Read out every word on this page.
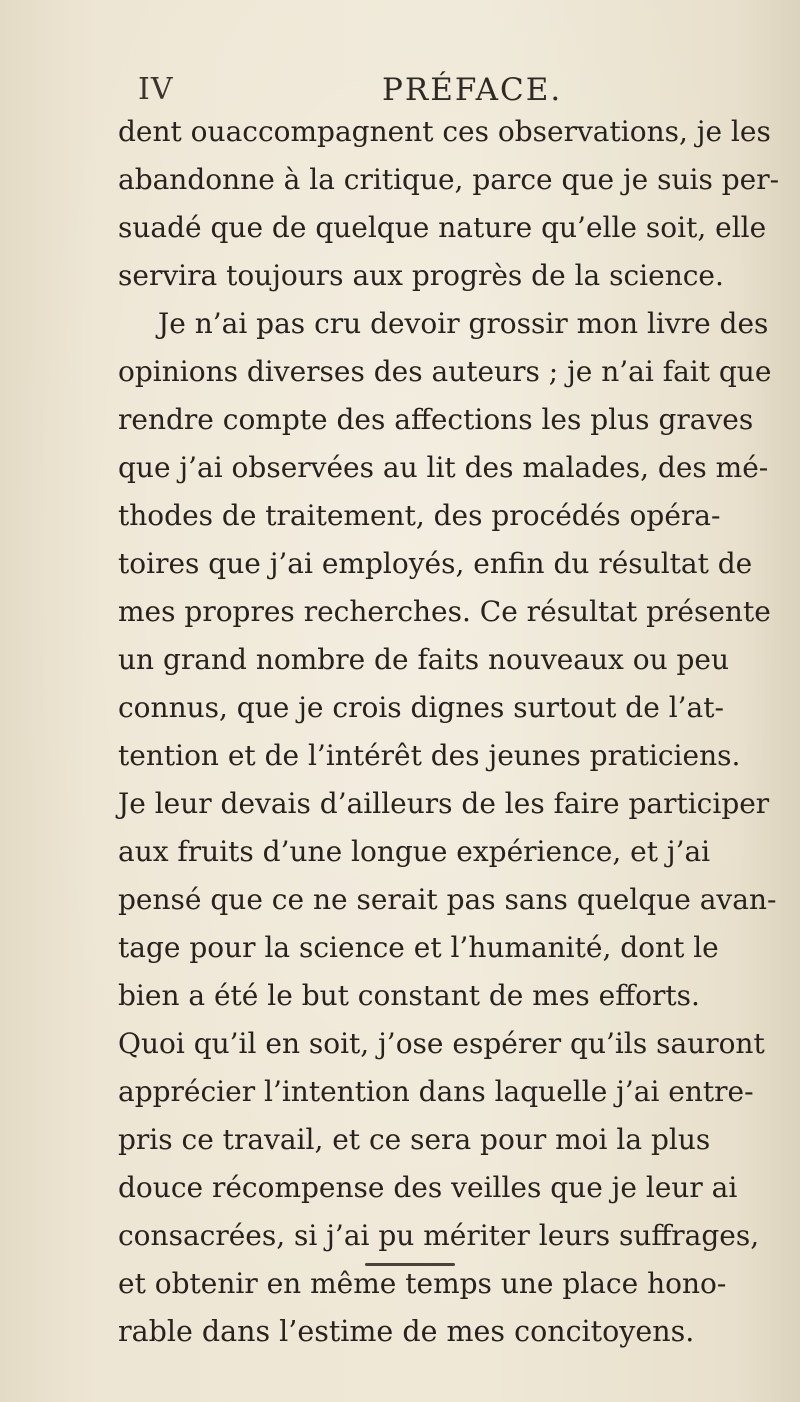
IV	PRÉFACE.
dent ouaccompagnent ces observations, je les
abandonne à la critique, parce que je suis per-
suadé que de quelque nature qu’elle soit, elle
servira toujours aux progrès de la science.
Je n’ai pas cru devoir grossir mon livre des
opinions diverses des auteurs ; je n’ai fait que
rendre compte des affections les plus graves
que j’ai observées au lit des malades, des mé-
thodes de traitement, des procédés opéra-
toires que j’ai employés, enfin du résultat de
mes propres recherches. Ce résultat présente
un grand nombre de faits nouveaux ou peu
connus, que je crois dignes surtout de l’at-
tention et de l’intérêt des jeunes praticiens.
Je leur devais d’ailleurs de les faire participer
aux fruits d’une longue expérience, et j’ai
pensé que ce ne serait pas sans quelque avan-
tage pour la science et l’humanité, dont le
bien a été le but constant de mes efforts.
Quoi qu’il en soit, j’ose espérer qu’ils sauront
apprécier l’intention dans laquelle j’ai entre-
pris ce travail, et ce sera pour moi la plus
douce récompense des veilles que je leur ai
consacrées, si j’ai pu mériter leurs suffrages,
et obtenir en même temps une place hono-
rable dans l’estime de mes concitoyens.
